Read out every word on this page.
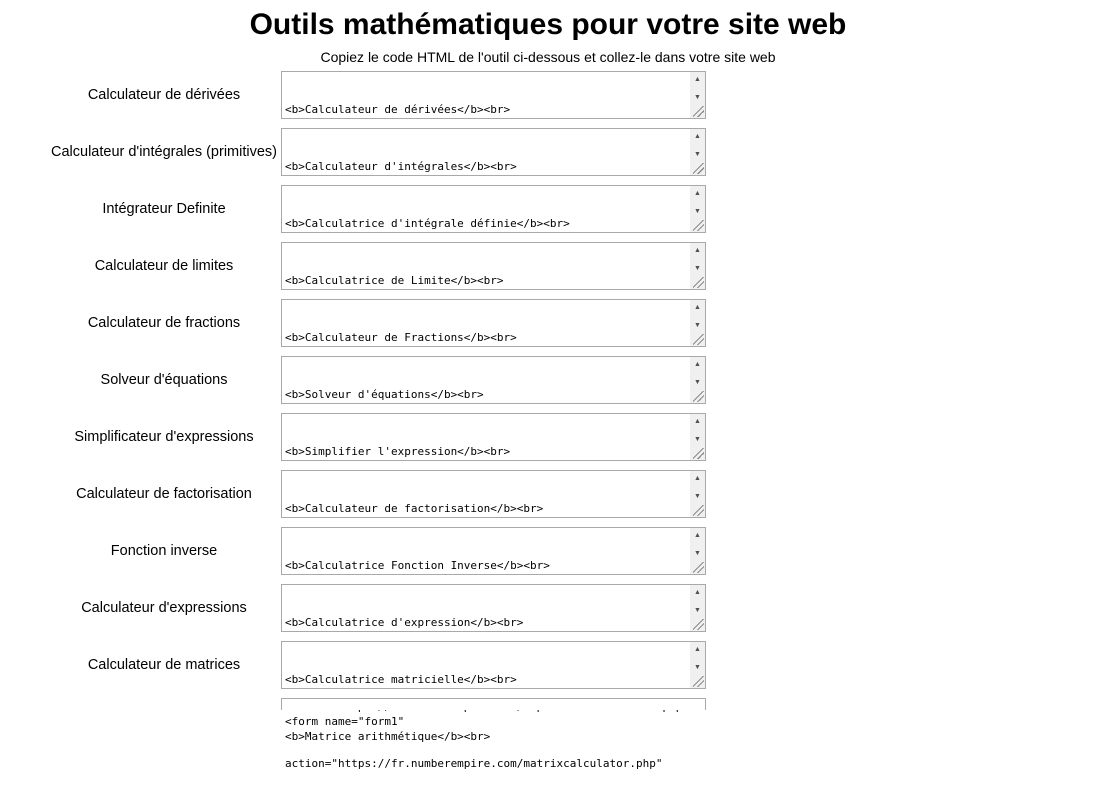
Outils mathématiques pour votre site web
Copiez le code HTML de l'outil ci-dessous et collez-le dans votre site web
Calculateur de dérivées

<b>Calculateur de dérivées</b><br>

▲
▼
Calculateur d'intégrales (primitives)

<b>Calculateur d'intégrales</b><br>

▲
▼
Intégrateur Definite

<b>Calculatrice d'intégrale définie</b><br>

▲
▼
Calculateur de limites

<b>Calculatrice de Limite</b><br>

▲
▼
Calculateur de fractions

<b>Calculateur de Fractions</b><br>

▲
▼
Solveur d'équations

<b>Solveur d'équations</b><br>

▲
▼
Simplificateur d'expressions

<b>Simplifier l'expression</b><br>

▲
▼
Calculateur de factorisation

<b>Calculateur de factorisation</b><br>

▲
▼
Fonction inverse

<b>Calculatrice Fonction Inverse</b><br>

▲
▼
Calculateur d'expressions

<b>Calculatrice d'expression</b><br>

▲
▼
Calculateur de matrices

<b>Calculatrice matricielle</b><br>

<form name="form1"

action="https://fr.numberempire.com/matrixcalculator.php"

▲
▼

<b>Matrice arithmétique</b><br>
